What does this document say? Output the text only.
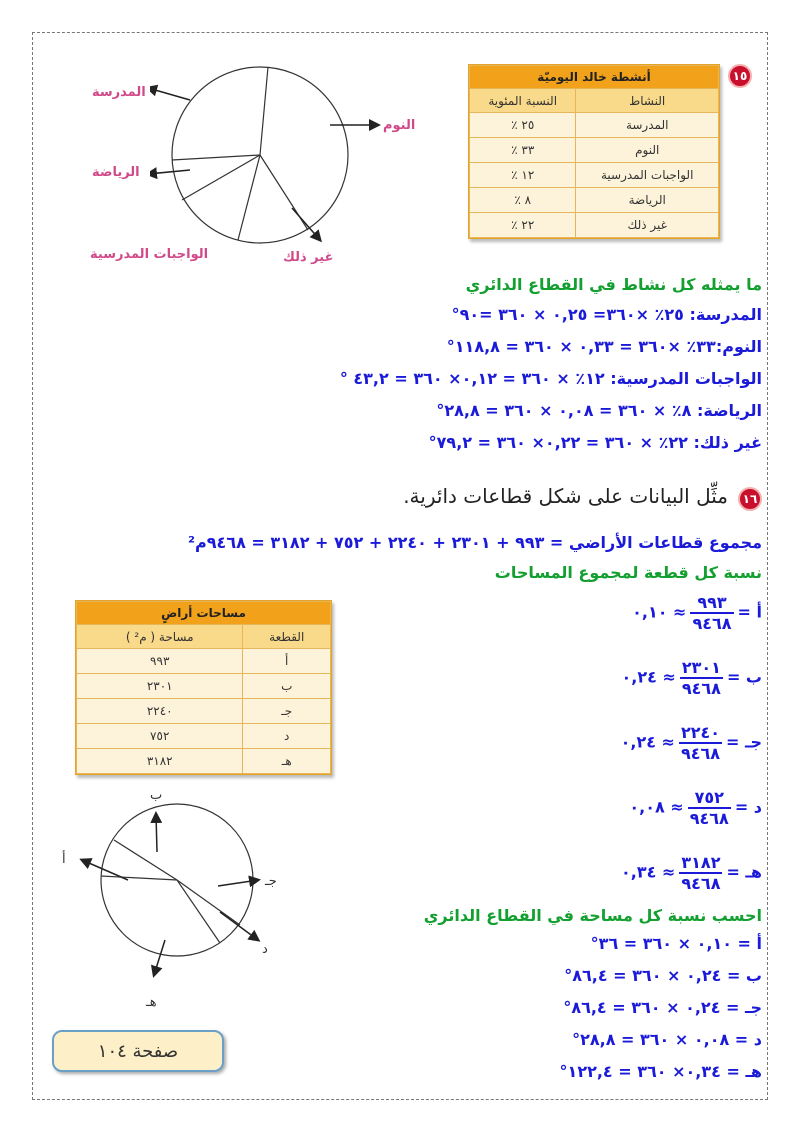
١٥
أنشطة خالد اليوميّة	
النشاط	النسبة المئوية
المدرسة	٢٥ ٪
النوم	٣٣ ٪
الواجبات المدرسية	١٢ ٪
الرياضة	٨ ٪
غير ذلك	٢٢ ٪
المدرسة
النوم
الرياضة
الواجبات المدرسية	غير ذلك
ما يمثله كل نشاط في القطاع الدائري
المدرسة: ٢٥٪ ×٣٦٠= ٠,٢٥ × ٣٦٠ =٩٠°
النوم:٣٣٪ ×٣٦٠ = ٠,٣٣ × ٣٦٠ = ١١٨,٨°
الواجبات المدرسية: ١٢٪ × ٣٦٠ = ٠,١٢× ٣٦٠ = ٤٣,٢ °
الرياضة: ٨٪ × ٣٦٠ = ٠,٠٨ × ٣٦٠ = ٢٨,٨°
غير ذلك: ٢٢٪ × ٣٦٠ = ٠,٢٢× ٣٦٠ = ٧٩,٢°
١٦
مثِّل البيانات على شكل قطاعات دائرية.
مجموع قطاعات الأراضي = ٩٩٣ + ٢٣٠١ + ٢٢٤٠ + ٧٥٢ + ٣١٨٢ = ٩٤٦٨م²
نسبة كل قطعة لمجموع المساحات
أ =
$\frac{٩٩٣}{٩٤٦٨}$
≈ ٠,١٠
ب =
$\frac{٢٣٠١}{٩٤٦٨}$
≈ ٠,٢٤
جـ =
$\frac{٢٢٤٠}{٩٤٦٨}$
≈ ٠,٢٤
د =
$\frac{٧٥٢}{٩٤٦٨}$
≈ ٠,٠٨
هـ =
$\frac{٣١٨٢}{٩٤٦٨}$
≈ ٠,٣٤
احسب نسبة كل مساحة في القطاع الدائري
أ = ٠,١٠ × ٣٦٠ = ٣٦°
ب = ٠,٢٤ × ٣٦٠ = ٨٦,٤°
جـ = ٠,٢٤ × ٣٦٠ = ٨٦,٤°
د = ٠,٠٨ × ٣٦٠ = ٢٨,٨°
هـ = ٠,٣٤× ٣٦٠ = ١٢٢,٤°
مساحات أراضٍ	
القطعة	مساحة ( م² )
أ	٩٩٣
ب	٢٣٠١
جـ	٢٢٤٠
د	٧٥٢
هـ	٣١٨٢
ب
أ
جـ
د
هـ
صفحة ١٠٤
